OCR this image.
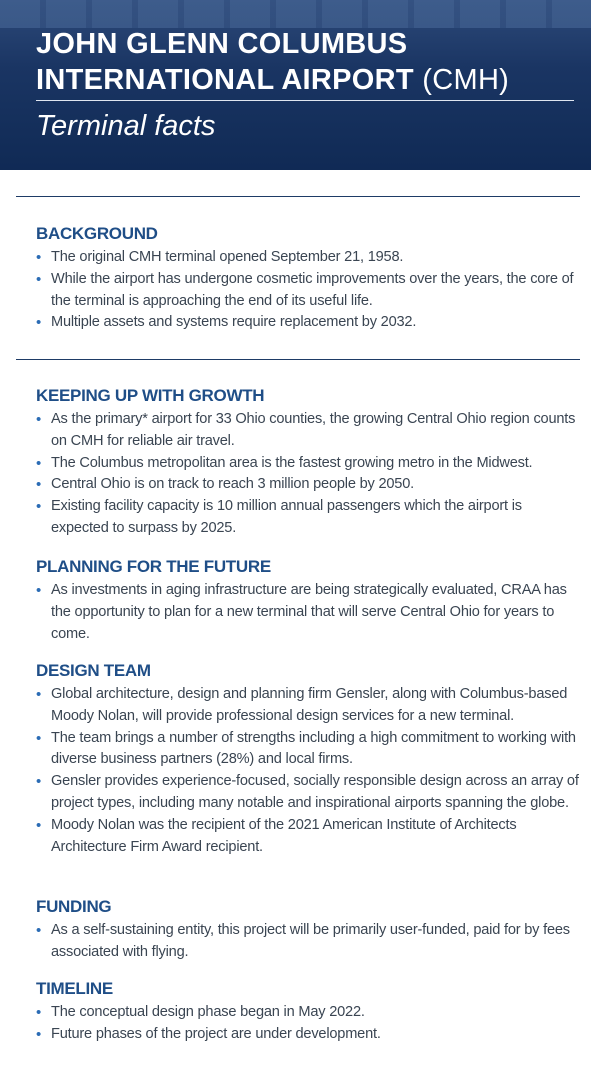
JOHN GLENN COLUMBUS INTERNATIONAL AIRPORT (CMH)

Terminal facts

BACKGROUND
• The original CMH terminal opened September 21, 1958.
• While the airport has undergone cosmetic improvements over the years, the core of the terminal is approaching the end of its useful life.
• Multiple assets and systems require replacement by 2032.
KEEPING UP WITH GROWTH
• As the primary* airport for 33 Ohio counties, the growing Central Ohio region counts on CMH for reliable air travel.
• The Columbus metropolitan area is the fastest growing metro in the Midwest.
• Central Ohio is on track to reach 3 million people by 2050.
• Existing facility capacity is 10 million annual passengers which the airport is expected to surpass by 2025.
PLANNING FOR THE FUTURE
• As investments in aging infrastructure are being strategically evaluated, CRAA has the opportunity to plan for a new terminal that will serve Central Ohio for years to come.
DESIGN TEAM
• Global architecture, design and planning firm Gensler, along with Columbus-based Moody Nolan, will provide professional design services for a new terminal.
• The team brings a number of strengths including a high commitment to working with diverse business partners (28%) and local firms.
• Gensler provides experience-focused, socially responsible design across an array of project types, including many notable and inspirational airports spanning the globe.
• Moody Nolan was the recipient of the 2021 American Institute of Architects Architecture Firm Award recipient.
FUNDING
• As a self-sustaining entity, this project will be primarily user-funded, paid for by fees associated with flying.
TIMELINE
• The conceptual design phase began in May 2022.
• Future phases of the project are under development.
